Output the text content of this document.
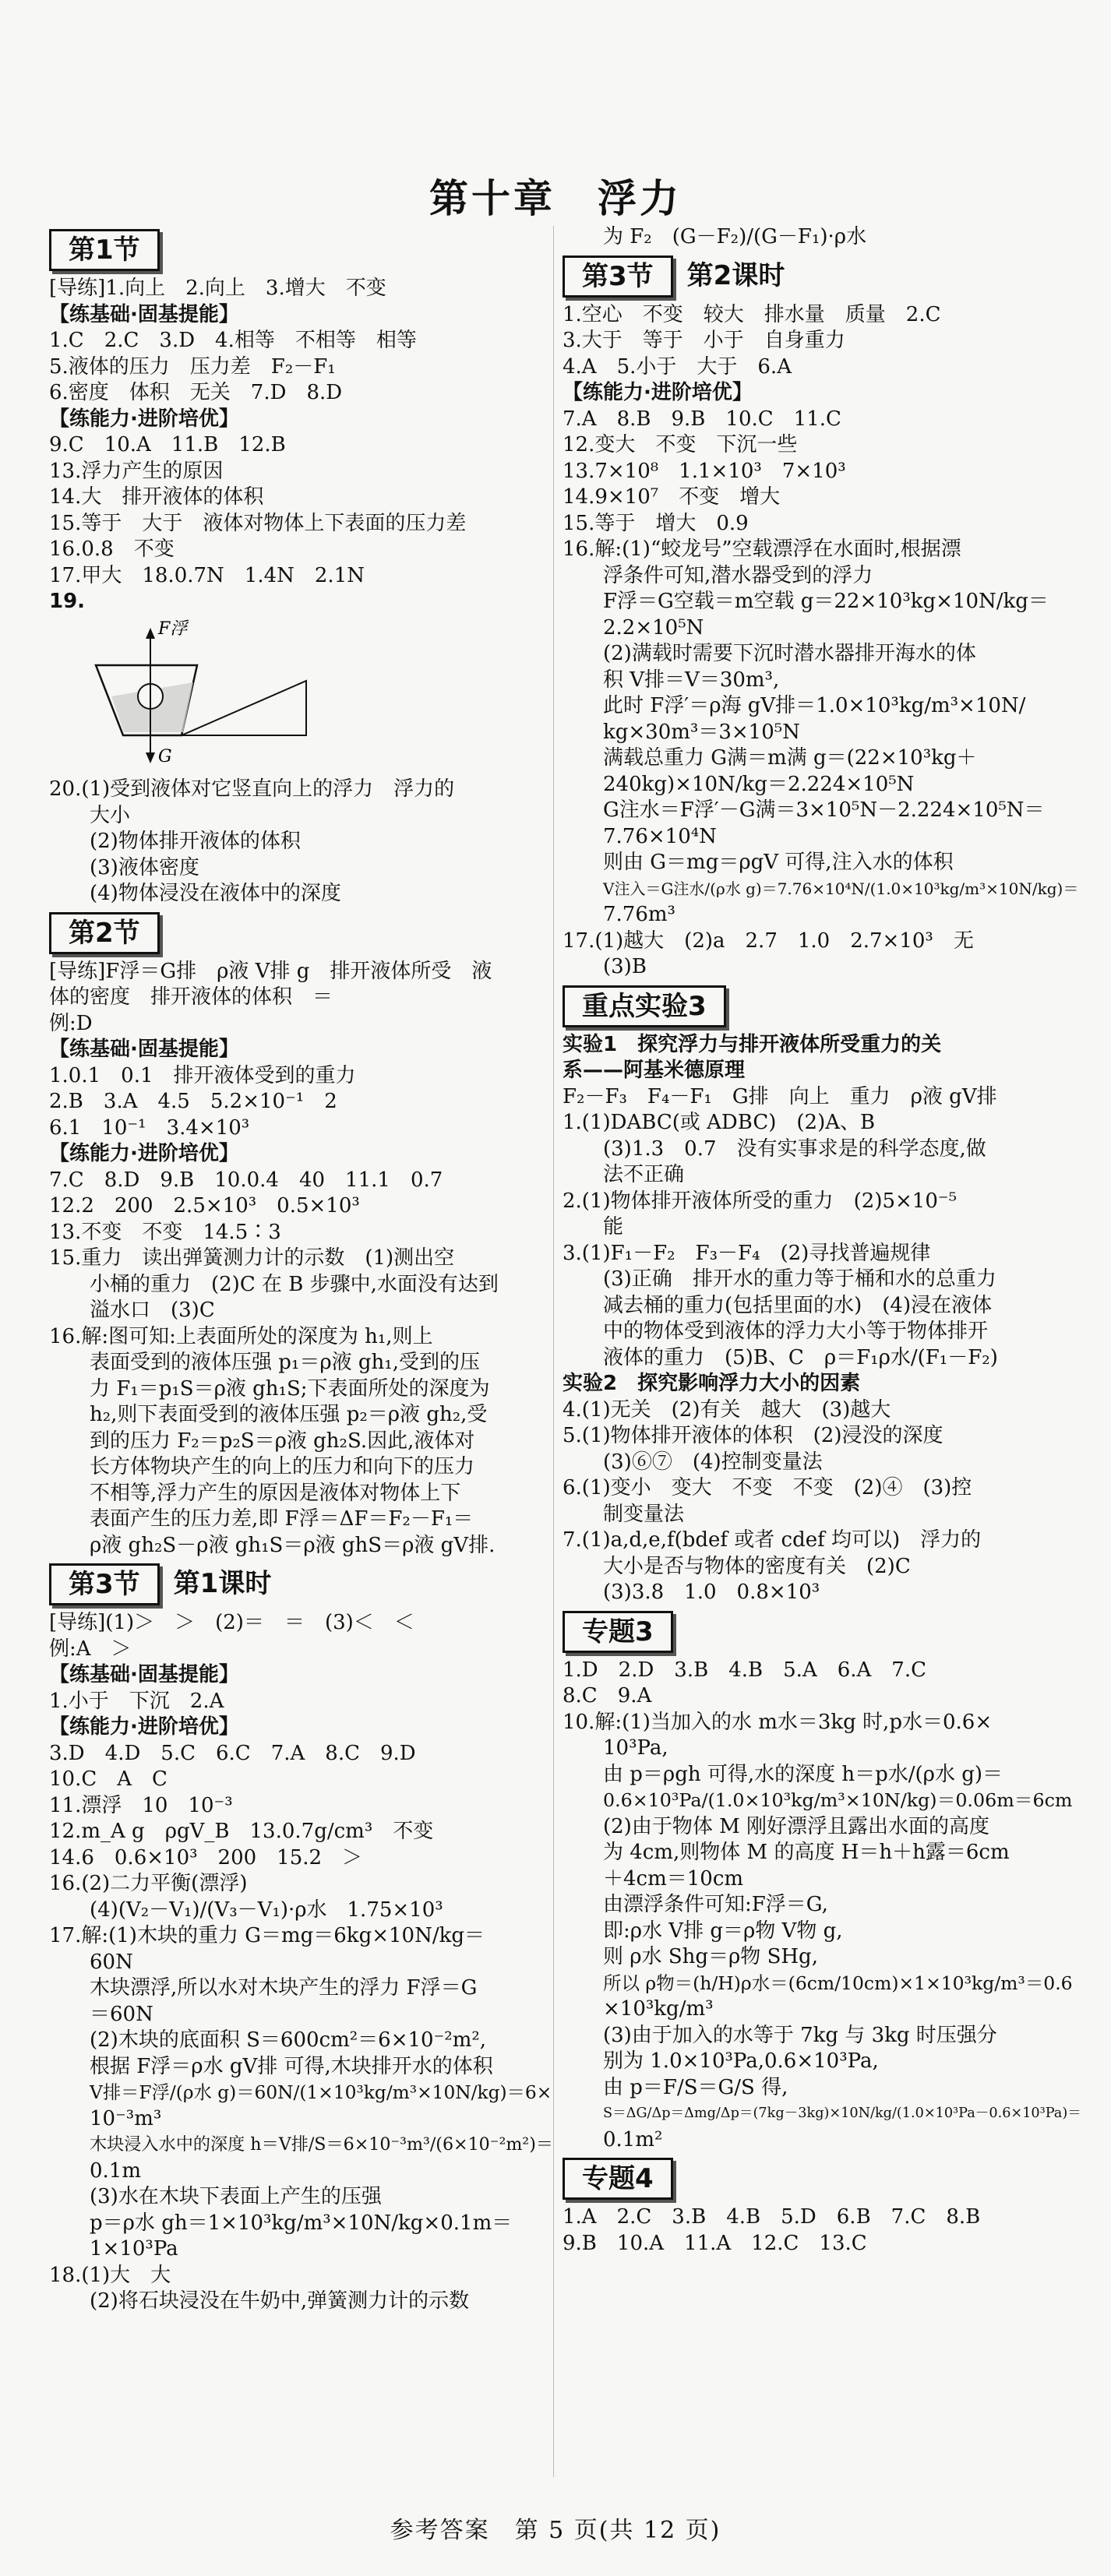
第十章　浮力
第1节
[导练]1.向上　2.向上　3.增大　不变
【练基础·固基提能】
1.C　2.C　3.D　4.相等　不相等　相等
5.液体的压力　压力差　F₂－F₁
6.密度　体积　无关　7.D　8.D
【练能力·进阶培优】
9.C　10.A　11.B　12.B
13.浮力产生的原因
14.大　排开液体的体积
15.等于　大于　液体对物体上下表面的压力差
16.0.8　不变
17.甲大　18.0.7N　1.4N　2.1N
19.
F浮
G
20.(1)受到液体对它竖直向上的浮力　浮力的
大小
(2)物体排开液体的体积
(3)液体密度
(4)物体浸没在液体中的深度
第2节
[导练]F浮＝G排　ρ液 V排 g　排开液体所受　液
体的密度　排开液体的体积　＝
例:D
【练基础·固基提能】
1.0.1　0.1　排开液体受到的重力
2.B　3.A　4.5　5.2×10⁻¹　2
6.1　10⁻¹　3.4×10³
【练能力·进阶培优】
7.C　8.D　9.B　10.0.4　40　11.1　0.7
12.2　200　2.5×10³　0.5×10³
13.不变　不变　14.5∶3
15.重力　读出弹簧测力计的示数　(1)测出空
小桶的重力　(2)C 在 B 步骤中,水面没有达到
溢水口　(3)C
16.解:图可知:上表面所处的深度为 h₁,则上
表面受到的液体压强 p₁＝ρ液 gh₁,受到的压
力 F₁＝p₁S＝ρ液 gh₁S;下表面所处的深度为
h₂,则下表面受到的液体压强 p₂＝ρ液 gh₂,受
到的压力 F₂＝p₂S＝ρ液 gh₂S.因此,液体对
长方体物块产生的向上的压力和向下的压力
不相等,浮力产生的原因是液体对物体上下
表面产生的压力差,即 F浮＝ΔF＝F₂－F₁＝
ρ液 gh₂S－ρ液 gh₁S＝ρ液 ghS＝ρ液 gV排.
第3节	第1课时
[导练](1)＞　＞　(2)＝　＝　(3)＜　＜
例:A　＞
【练基础·固基提能】
1.小于　下沉　2.A
【练能力·进阶培优】
3.D　4.D　5.C　6.C　7.A　8.C　9.D
10.C　A　C
11.漂浮　10　10⁻³
12.m_A g　ρgV_B　13.0.7g/cm³　不变
14.6　0.6×10³　200　15.2　＞
16.(2)二力平衡(漂浮)
(4)(V₂－V₁)/(V₃－V₁)·ρ水　1.75×10³
17.解:(1)木块的重力 G＝mg＝6kg×10N/kg＝
60N
木块漂浮,所以水对木块产生的浮力 F浮＝G
＝60N
(2)木块的底面积 S＝600cm²＝6×10⁻²m²,
根据 F浮＝ρ水 gV排 可得,木块排开水的体积
V排＝F浮/(ρ水 g)＝60N/(1×10³kg/m³×10N/kg)＝6×
10⁻³m³
木块浸入水中的深度 h＝V排/S＝6×10⁻³m³/(6×10⁻²m²)＝
0.1m
(3)水在木块下表面上产生的压强
p＝ρ水 gh＝1×10³kg/m³×10N/kg×0.1m＝
1×10³Pa
18.(1)大　大
(2)将石块浸没在牛奶中,弹簧测力计的示数
为 F₂　(G－F₂)/(G－F₁)·ρ水
第3节	第2课时
1.空心　不变　较大　排水量　质量　2.C
3.大于　等于　小于　自身重力
4.A　5.小于　大于　6.A
【练能力·进阶培优】
7.A　8.B　9.B　10.C　11.C
12.变大　不变　下沉一些
13.7×10⁸　1.1×10³　7×10³
14.9×10⁷　不变　增大
15.等于　增大　0.9
16.解:(1)“蛟龙号”空载漂浮在水面时,根据漂
浮条件可知,潜水器受到的浮力
F浮＝G空载＝m空载 g＝22×10³kg×10N/kg＝
2.2×10⁵N
(2)满载时需要下沉时潜水器排开海水的体
积 V排＝V＝30m³,
此时 F浮′＝ρ海 gV排＝1.0×10³kg/m³×10N/
kg×30m³＝3×10⁵N
满载总重力 G满＝m满 g＝(22×10³kg＋
240kg)×10N/kg＝2.224×10⁵N
G注水＝F浮′－G满＝3×10⁵N－2.224×10⁵N＝
7.76×10⁴N
则由 G＝mg＝ρgV 可得,注入水的体积
V注入＝G注水/(ρ水 g)＝7.76×10⁴N/(1.0×10³kg/m³×10N/kg)＝
7.76m³
17.(1)越大　(2)a　2.7　1.0　2.7×10³　无
(3)B
重点实验3
实验1　探究浮力与排开液体所受重力的关
系——阿基米德原理
F₂－F₃　F₄－F₁　G排　向上　重力　ρ液 gV排
1.(1)DABC(或 ADBC)　(2)A、B
(3)1.3　0.7　没有实事求是的科学态度,做
法不正确
2.(1)物体排开液体所受的重力　(2)5×10⁻⁵
能
3.(1)F₁－F₂　F₃－F₄　(2)寻找普遍规律
(3)正确　排开水的重力等于桶和水的总重力
减去桶的重力(包括里面的水)　(4)浸在液体
中的物体受到液体的浮力大小等于物体排开
液体的重力　(5)B、C　ρ＝F₁ρ水/(F₁－F₂)
实验2　探究影响浮力大小的因素
4.(1)无关　(2)有关　越大　(3)越大
5.(1)物体排开液体的体积　(2)浸没的深度
(3)⑥⑦　(4)控制变量法
6.(1)变小　变大　不变　不变　(2)④　(3)控
制变量法
7.(1)a,d,e,f(bdef 或者 cdef 均可以)　浮力的
大小是否与物体的密度有关　(2)C
(3)3.8　1.0　0.8×10³
专题3
1.D　2.D　3.B　4.B　5.A　6.A　7.C
8.C　9.A
10.解:(1)当加入的水 m水＝3kg 时,p水＝0.6×
10³Pa,
由 p＝ρgh 可得,水的深度 h＝p水/(ρ水 g)＝
0.6×10³Pa/(1.0×10³kg/m³×10N/kg)＝0.06m＝6cm
(2)由于物体 M 刚好漂浮且露出水面的高度
为 4cm,则物体 M 的高度 H＝h＋h露＝6cm
＋4cm＝10cm
由漂浮条件可知:F浮＝G,
即:ρ水 V排 g＝ρ物 V物 g,
则 ρ水 Shg＝ρ物 SHg,
所以 ρ物＝(h/H)ρ水＝(6cm/10cm)×1×10³kg/m³＝0.6
×10³kg/m³
(3)由于加入的水等于 7kg 与 3kg 时压强分
别为 1.0×10³Pa,0.6×10³Pa,
由 p＝F/S＝G/S 得,
S＝ΔG/Δp＝Δmg/Δp＝(7kg－3kg)×10N/kg/(1.0×10³Pa－0.6×10³Pa)＝
0.1m²
专题4
1.A　2.C　3.B　4.B　5.D　6.B　7.C　8.B
9.B　10.A　11.A　12.C　13.C
参考答案　第 5 页(共 12 页)
